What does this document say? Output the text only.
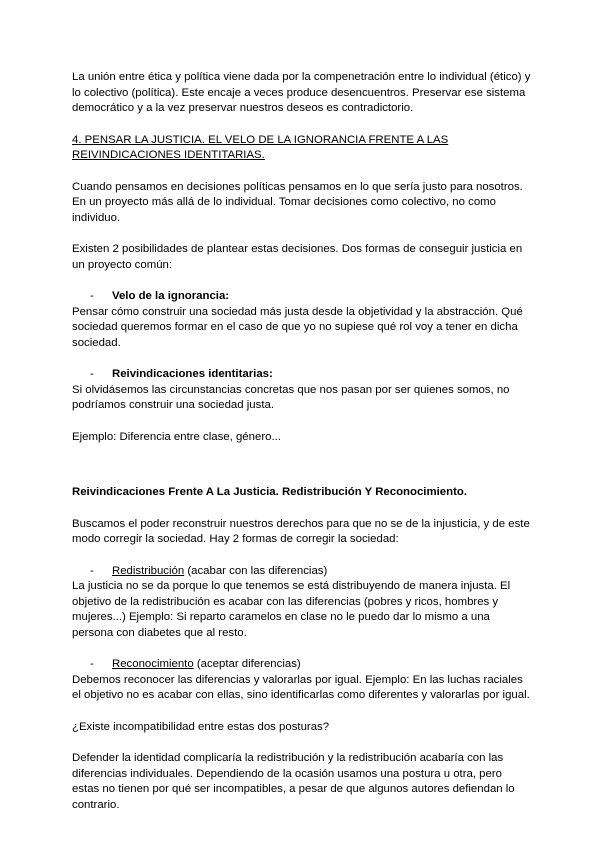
La unión entre ética y política viene dada por la compenetración entre lo individual (ético) y lo colectivo (política). Este encaje a veces produce desencuentros. Preservar ese sistema democrático y a la vez preservar nuestros deseos es contradictorio.

4. PENSAR LA JUSTICIA. EL VELO DE LA IGNORANCIA FRENTE A LAS REIVINDICACIONES IDENTITARIAS.

Cuando pensamos en decisiones políticas pensamos en lo que sería justo para nosotros. En un proyecto más allá de lo individual. Tomar decisiones como colectivo, no como individuo.

Existen 2 posibilidades de plantear estas decisiones. Dos formas de conseguir justicia en un proyecto común:

-	Velo de la ignorancia:

Pensar cómo construir una sociedad más justa desde la objetividad y la abstracción. Qué sociedad queremos formar en el caso de que yo no supiese qué rol voy a tener en dicha sociedad.

-	Reivindicaciones identitarias:

Si olvidásemos las circunstancias concretas que nos pasan por ser quienes somos, no podríamos construir una sociedad justa.

Ejemplo: Diferencia entre clase, género...

Reivindicaciones Frente A La Justicia. Redistribución Y Reconocimiento.

Buscamos el poder reconstruir nuestros derechos para que no se de la injusticia, y de este modo corregir la sociedad. Hay 2 formas de corregir la sociedad:

-	Redistribución (acabar con las diferencias)

La justicia no se da porque lo que tenemos se está distribuyendo de manera injusta. El objetivo de la redistribución es acabar con las diferencias (pobres y ricos, hombres y mujeres...) Ejemplo: Si reparto caramelos en clase no le puedo dar lo mismo a una persona con diabetes que al resto.

-	Reconocimiento (aceptar diferencias)

Debemos reconocer las diferencias y valorarlas por igual. Ejemplo: En las luchas raciales el objetivo no es acabar con ellas, sino identificarlas como diferentes y valorarlas por igual.

¿Existe incompatibilidad entre estas dos posturas?

Defender la identidad complicaría la redistribución y la redistribución acabaría con las diferencias individuales. Dependiendo de la ocasión usamos una postura u otra, pero estas no tienen por qué ser incompatibles, a pesar de que algunos autores defiendan lo contrario.
